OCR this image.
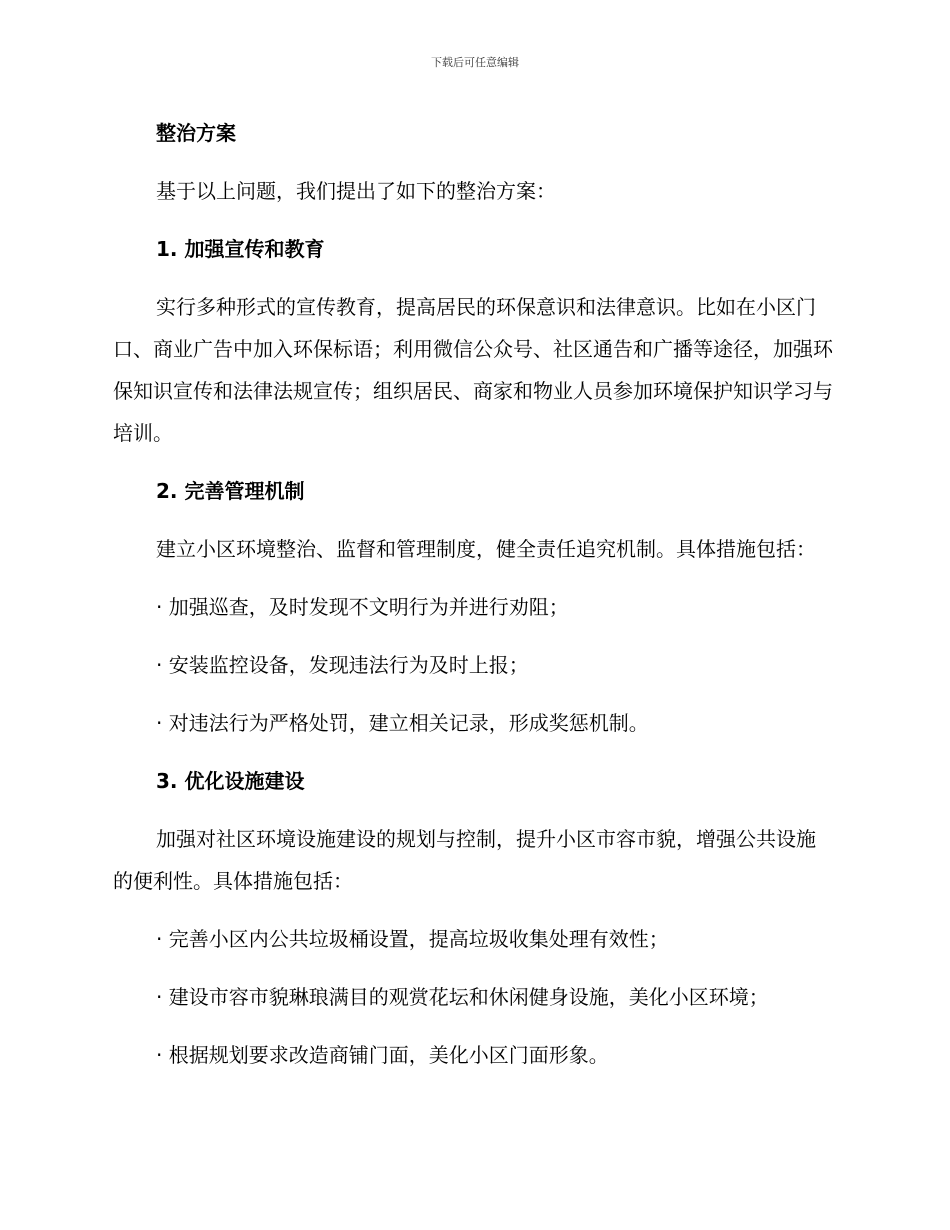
下载后可任意编辑
整治方案
基于以上问题，我们提出了如下的整治方案：
1. 加强宣传和教育
实行多种形式的宣传教育，提高居民的环保意识和法律意识。比如在小区门口、商业广告中加入环保标语；利用微信公众号、社区通告和广播等途径，加强环保知识宣传和法律法规宣传；组织居民、商家和物业人员参加环境保护知识学习与培训。
2. 完善管理机制
建立小区环境整治、监督和管理制度，健全责任追究机制。具体措施包括：
· 加强巡查，及时发现不文明行为并进行劝阻；
· 安装监控设备，发现违法行为及时上报；
· 对违法行为严格处罚，建立相关记录，形成奖惩机制。
3. 优化设施建设
加强对社区环境设施建设的规划与控制，提升小区市容市貌，增强公共设施的便利性。具体措施包括：
· 完善小区内公共垃圾桶设置，提高垃圾收集处理有效性；
· 建设市容市貌琳琅满目的观赏花坛和休闲健身设施，美化小区环境；
· 根据规划要求改造商铺门面，美化小区门面形象。
